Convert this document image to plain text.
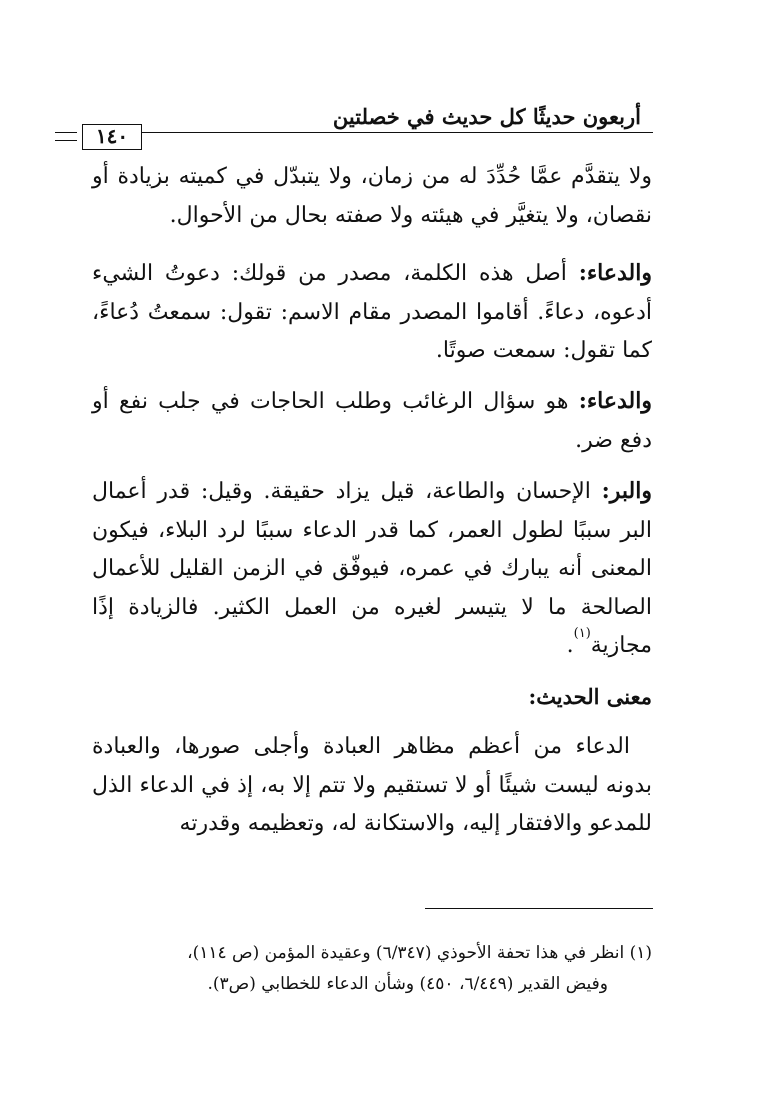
أربعون حديثًا كل حديث في خصلتين
١٤٠

ولا يتقدَّم عمَّا حُدِّدَ له من زمان، ولا يتبدّل في كميته بزيادة أو نقصان، ولا يتغيَّر في هيئته ولا صفته بحال من الأحوال.

والدعاء: أصل هذه الكلمة، مصدر من قولك: دعوتُ الشيء أدعوه، دعاءً. أقاموا المصدر مقام الاسم: تقول: سمعتُ دُعاءً، كما تقول: سمعت صوتًا.

والدعاء: هو سؤال الرغائب وطلب الحاجات في جلب نفع أو دفع ضر.

والبر: الإحسان والطاعة، قيل يزاد حقيقة. وقيل: قدر أعمال البر سببًا لطول العمر، كما قدر الدعاء سببًا لرد البلاء، فيكون المعنى أنه يبارك في عمره، فيوفّق في الزمن القليل للأعمال الصالحة ما لا يتيسر لغيره من العمل الكثير. فالزيادة إذًا مجازية$^{(١)}$.

معنى الحديث:

الدعاء من أعظم مظاهر العبادة وأجلى صورها، والعبادة بدونه ليست شيئًا أو لا تستقيم ولا تتم إلا به، إذ في الدعاء الذل للمدعو والافتقار إليه، والاستكانة له، وتعظيمه وقدرته

(١) انظر في هذا تحفة الأحوذي (٦/٣٤٧) وعقيدة المؤمن (ص ١١٤)،
وفيض القدير (٦/٤٤٩، ٤٥٠) وشأن الدعاء للخطابي (ص٣).
